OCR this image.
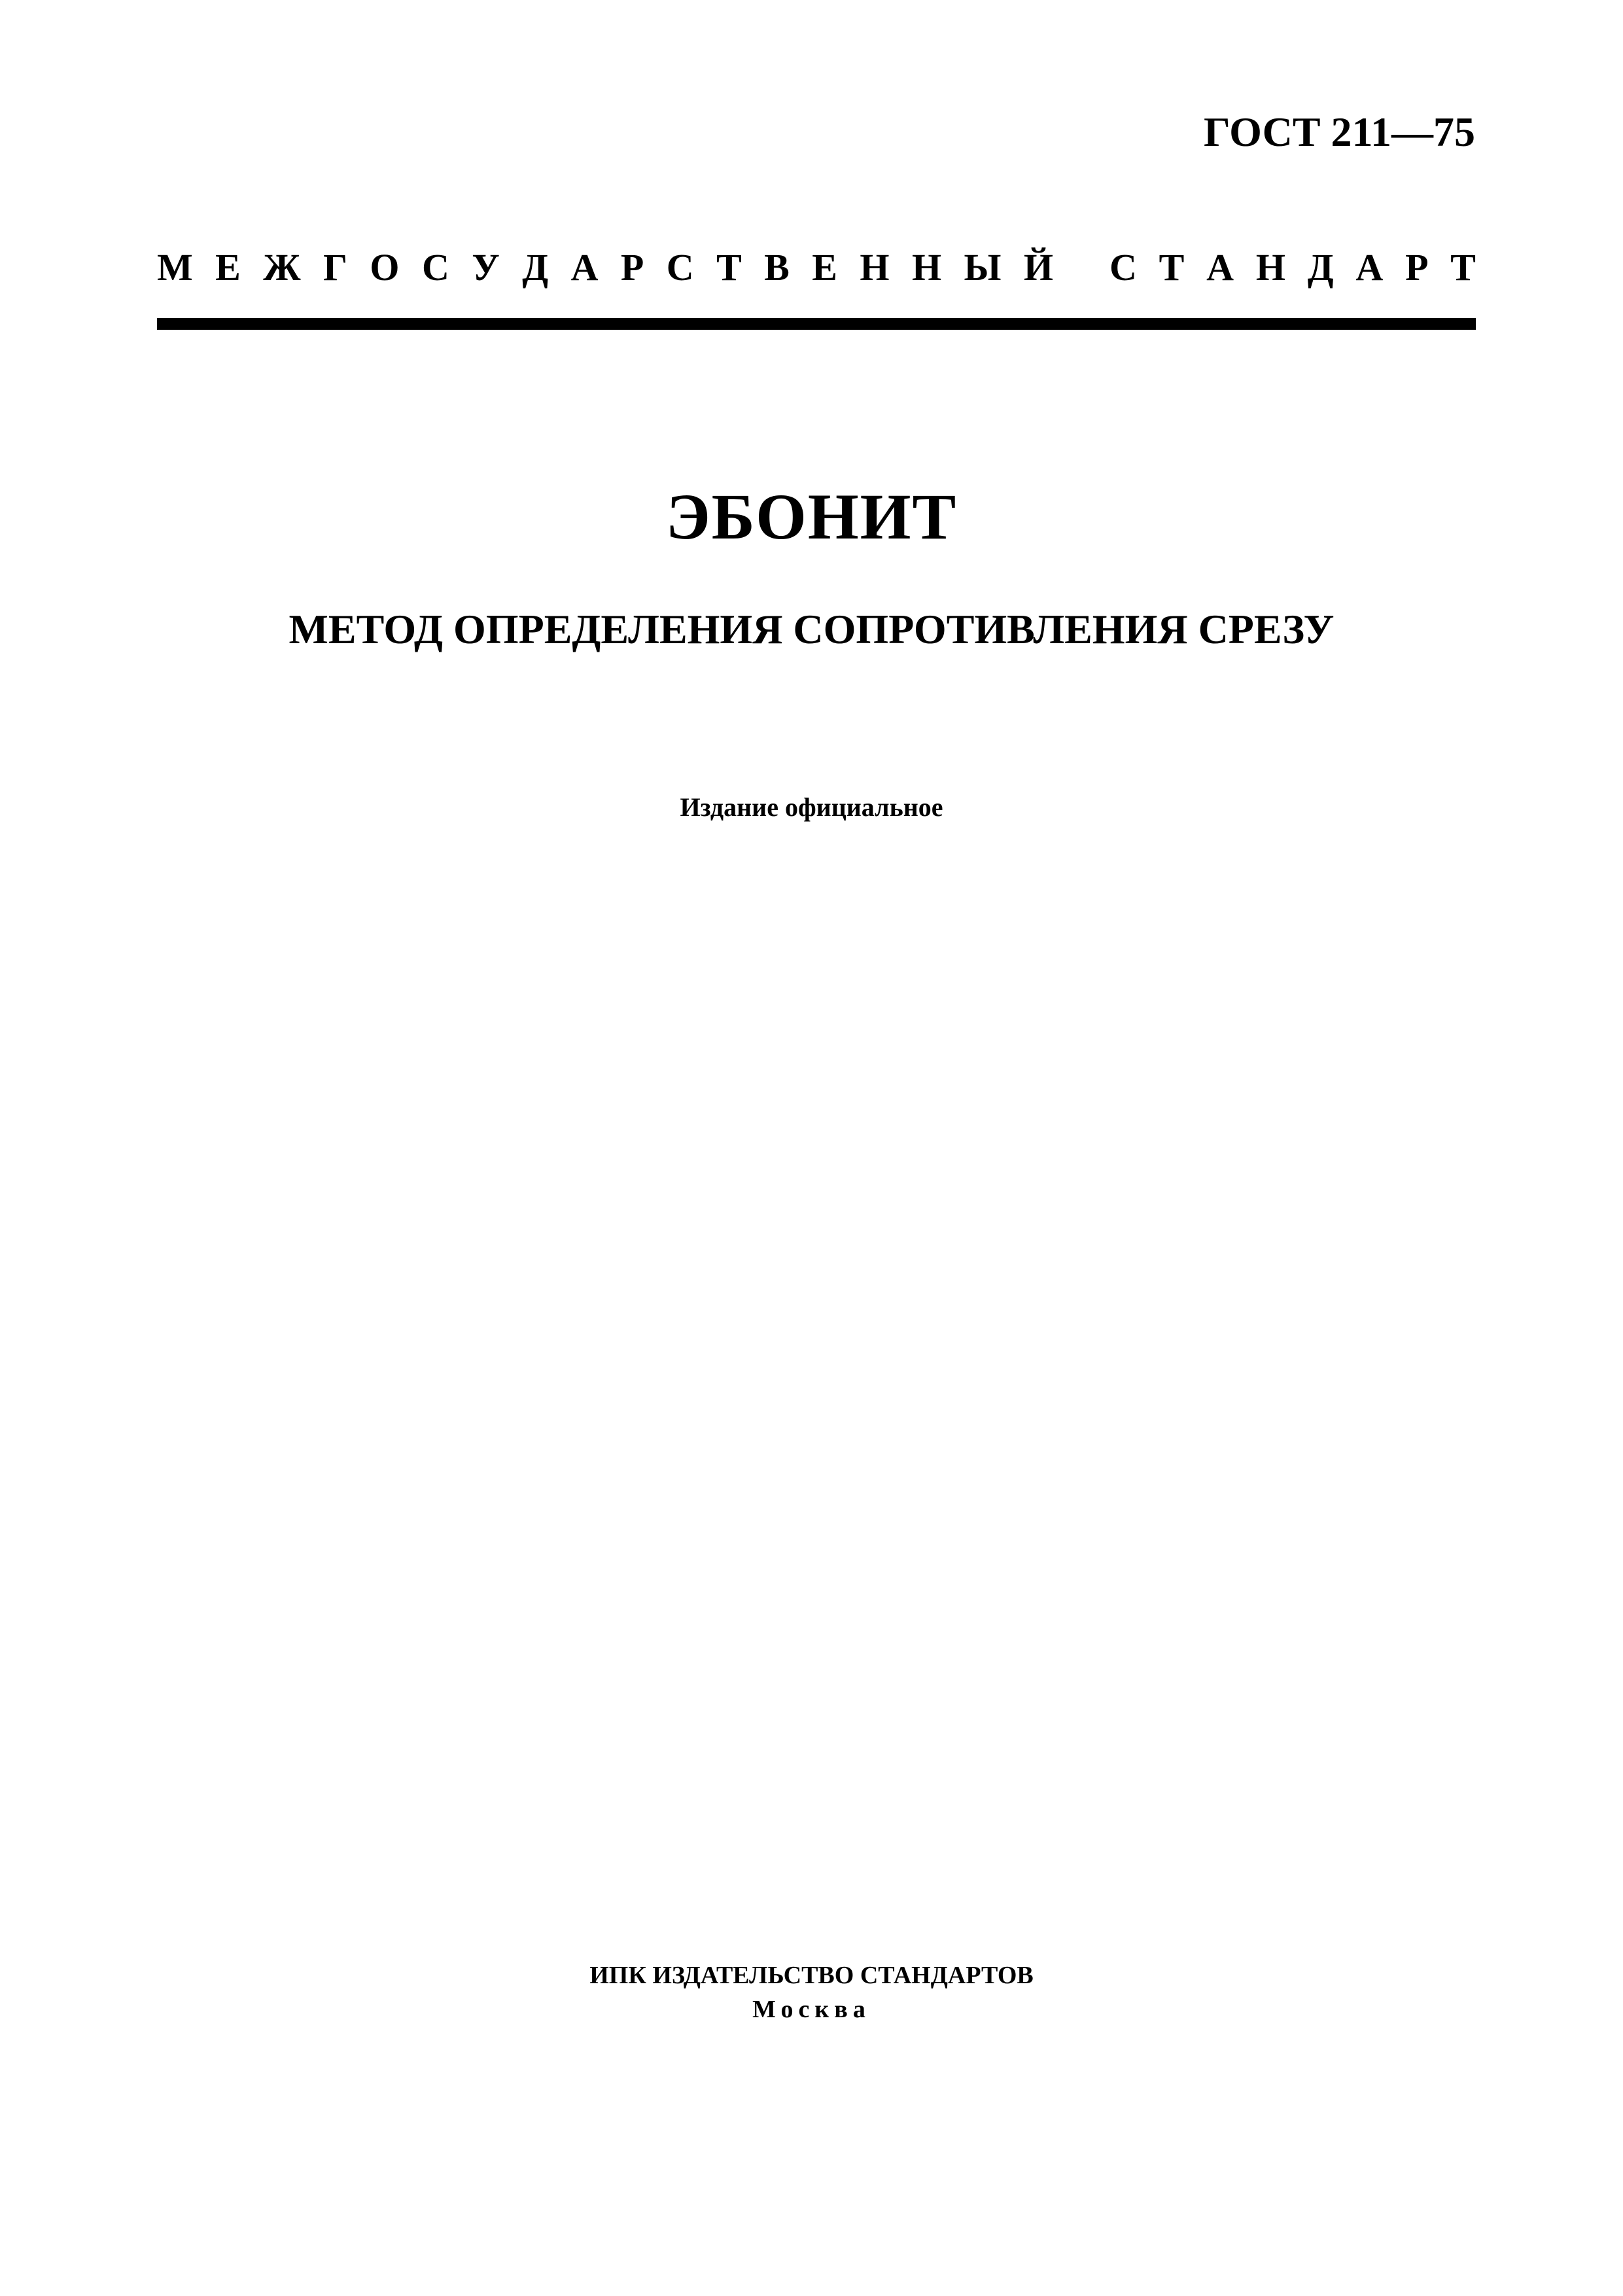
ГОСТ 211—75
М Е Ж Г О С У Д А Р С Т В Е Н Н Ы Й С Т А Н Д А Р Т
ЭБОНИТ
МЕТОД ОПРЕДЕЛЕНИЯ СОПРОТИВЛЕНИЯ СРЕЗУ
Издание официальное
ИПК ИЗДАТЕЛЬСТВО СТАНДАРТОВ
Москва
